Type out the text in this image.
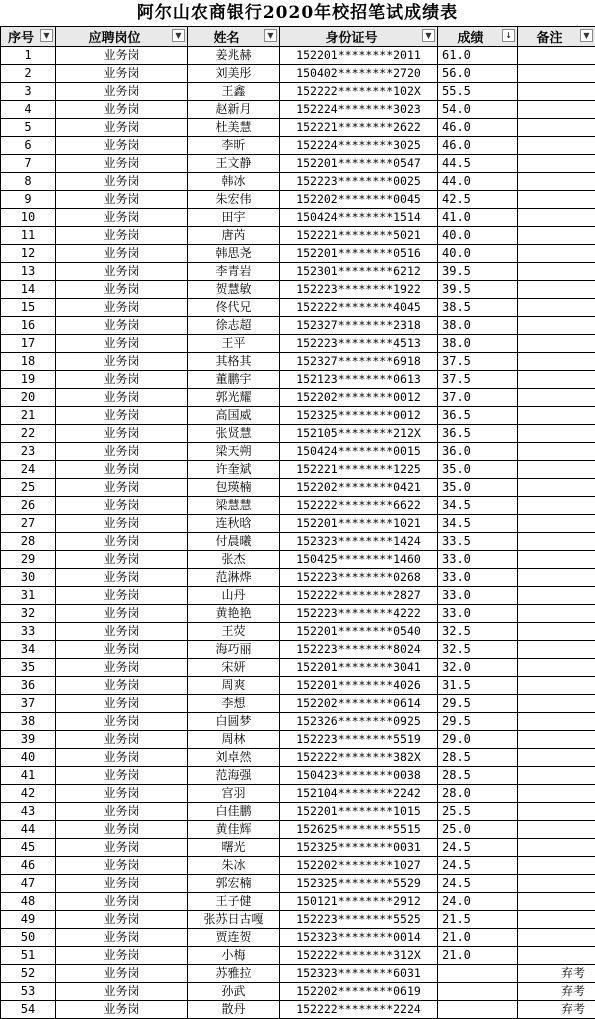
阿尔山农商银行2020年校招笔试成绩表
序号 ▼	应聘岗位 ▼	姓名 ▼	身份证号 ▼	成绩 ↓	备注 ▼

1	业务岗	姜兆赫	152201********2011	61.0	
2	业务岗	刘美彤	150402********2720	56.0	
3	业务岗	王鑫	152222********102X	55.5	
4	业务岗	赵新月	152224********3023	54.0	
5	业务岗	杜美慧	152221********2622	46.0	
6	业务岗	李昕	152224********3025	46.0	
7	业务岗	王文静	152201********0547	44.5	
8	业务岗	韩冰	152223********0025	44.0	
9	业务岗	朱宏伟	152202********0045	42.5	
10	业务岗	田宇	150424********1514	41.0	
11	业务岗	唐芮	152221********5021	40.0	
12	业务岗	韩思尧	152201********0516	40.0	
13	业务岗	李青岩	152301********6212	39.5	
14	业务岗	贺慧敏	152223********1922	39.5	
15	业务岗	佟代兄	152222********4045	38.5	
16	业务岗	徐志超	152327********2318	38.0	
17	业务岗	王平	152223********4513	38.0	
18	业务岗	其格其	152327********6918	37.5	
19	业务岗	董鹏宇	152123********0613	37.5	
20	业务岗	郭光耀	152202********0012	37.0	
21	业务岗	高国威	152325********0012	36.5	
22	业务岗	张贤慧	152105********212X	36.5	
23	业务岗	梁天朔	150424********0015	36.0	
24	业务岗	许奎斌	152221********1225	35.0	
25	业务岗	包瑛楠	152202********0421	35.0	
26	业务岗	梁慧慧	152222********6622	34.5	
27	业务岗	连秋晗	152201********1021	34.5	
28	业务岗	付晨曦	152323********1424	33.5	
29	业务岗	张杰	150425********1460	33.0	
30	业务岗	范淋烨	152223********0268	33.0	
31	业务岗	山丹	152222********2827	33.0	
32	业务岗	黄艳艳	152223********4222	33.0	
33	业务岗	王荧	152201********0540	32.5	
34	业务岗	海巧丽	152223********8024	32.5	
35	业务岗	宋妍	152201********3041	32.0	
36	业务岗	周爽	152201********4026	31.5	
37	业务岗	李想	152202********0614	29.5	
38	业务岗	白圆梦	152326********0925	29.5	
39	业务岗	周林	152223********5519	29.0	
40	业务岗	刘卓然	152222********382X	28.5	
41	业务岗	范海强	150423********0038	28.5	
42	业务岗	宫羽	152104********2242	28.0	
43	业务岗	白佳鹏	152201********1015	25.5	
44	业务岗	黄佳辉	152625********5515	25.0	
45	业务岗	曙光	152325********0031	24.5	
46	业务岗	朱冰	152202********1027	24.5	
47	业务岗	郭宏楠	152325********5529	24.5	
48	业务岗	王子健	150121********2912	24.0	
49	业务岗	张苏日古嘎	152223********5525	21.5	
50	业务岗	贾连贺	152323********0014	21.0	
51	业务岗	小梅	152222********312X	21.0	
52	业务岗	苏雅拉	152323********6031		弃考
53	业务岗	孙武	152202********0619		弃考
54	业务岗	散丹	152222********2224		弃考
